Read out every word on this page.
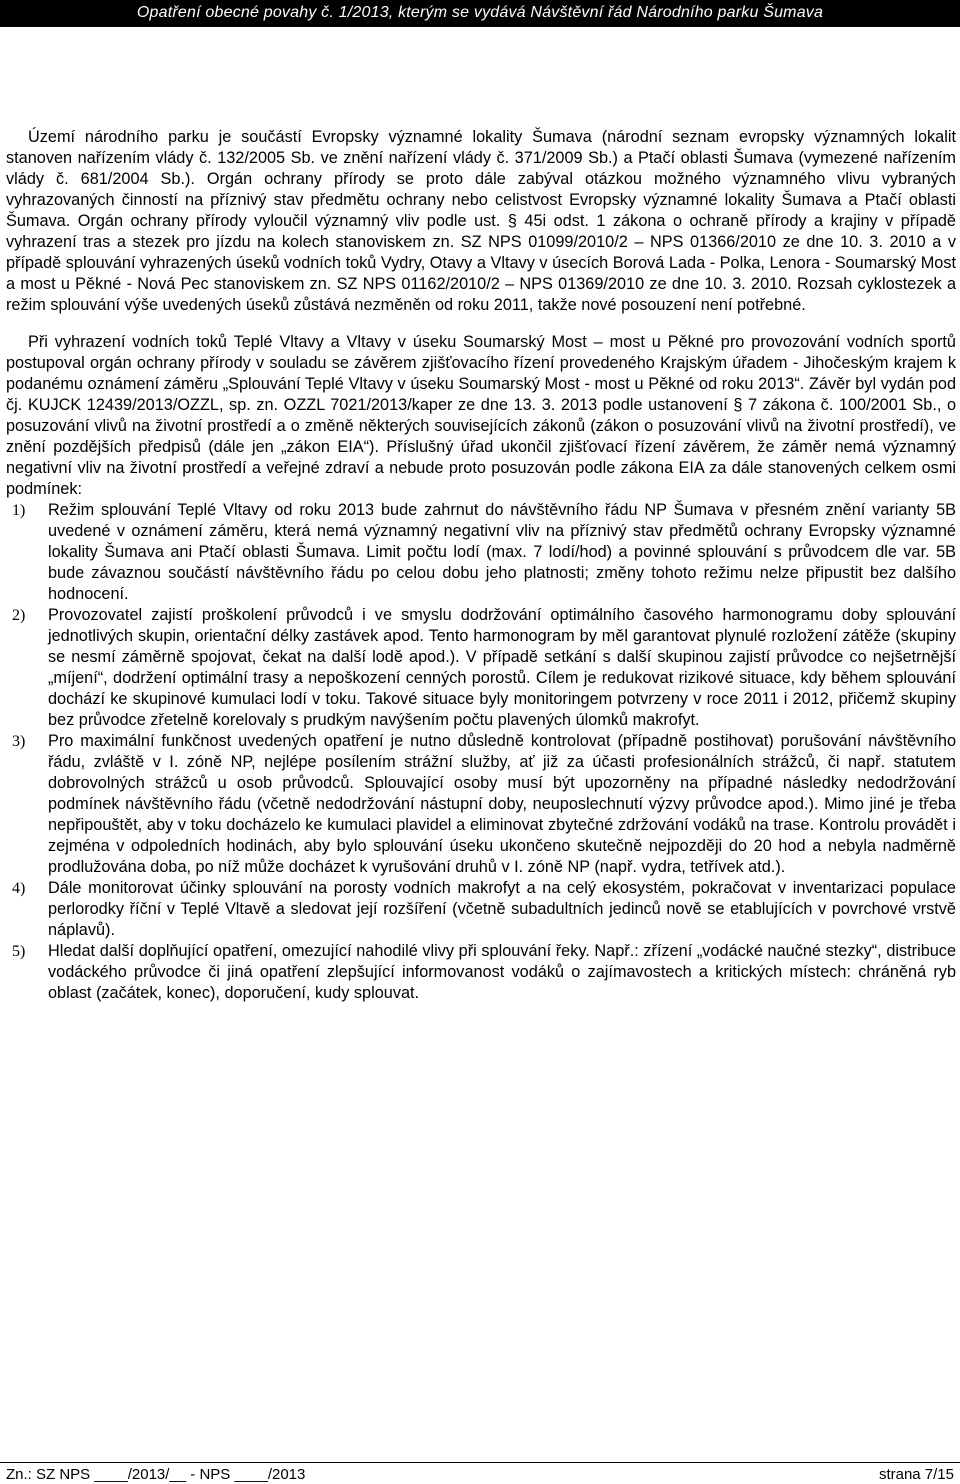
Opatření obecné povahy č. 1/2013, kterým se vydává Návštěvní řád Národního parku Šumava

Území národního parku je součástí Evropsky významné lokality Šumava (národní seznam evropsky významných lokalit stanoven nařízením vlády č. 132/2005 Sb. ve znění nařízení vlády č. 371/2009 Sb.) a Ptačí oblasti Šumava (vymezené nařízením vlády č. 681/2004 Sb.). Orgán ochrany přírody se proto dále zabýval otázkou možného významného vlivu vybraných vyhrazovaných činností na příznivý stav předmětu ochrany nebo celistvost Evropsky významné lokality Šumava a Ptačí oblasti Šumava. Orgán ochrany přírody vyloučil významný vliv podle ust. § 45i odst. 1 zákona o ochraně přírody a krajiny v případě vyhrazení tras a stezek pro jízdu na kolech stanoviskem zn. SZ NPS 01099/2010/2 – NPS 01366/2010 ze dne 10. 3. 2010 a v případě splouvání vyhrazených úseků vodních toků Vydry, Otavy a Vltavy v úsecích Borová Lada - Polka, Lenora - Soumarský Most a most u Pěkné - Nová Pec stanoviskem zn. SZ NPS 01162/2010/2 – NPS 01369/2010 ze dne 10. 3. 2010. Rozsah cyklostezek a režim splouvání výše uvedených úseků zůstává nezměněn od roku 2011, takže nové posouzení není potřebné.

Při vyhrazení vodních toků Teplé Vltavy a Vltavy v úseku Soumarský Most – most u Pěkné pro provozování vodních sportů postupoval orgán ochrany přírody v souladu se závěrem zjišťovacího řízení provedeného Krajským úřadem - Jihočeským krajem k podanému oznámení záměru „Splouvání Teplé Vltavy v úseku Soumarský Most - most u Pěkné od roku 2013“. Závěr byl vydán pod čj. KUJCK 12439/2013/OZZL, sp. zn. OZZL 7021/2013/kaper ze dne 13. 3. 2013 podle ustanovení § 7 zákona č. 100/2001 Sb., o posuzování vlivů na životní prostředí a o změně některých souvisejících zákonů (zákon o posuzování vlivů na životní prostředí), ve znění pozdějších předpisů (dále jen „zákon EIA“). Příslušný úřad ukončil zjišťovací řízení závěrem, že záměr nemá významný negativní vliv na životní prostředí a veřejné zdraví a nebude proto posuzován podle zákona EIA za dále stanovených celkem osmi podmínek:

1) Režim splouvání Teplé Vltavy od roku 2013 bude zahrnut do návštěvního řádu NP Šumava v přesném znění varianty 5B uvedené v oznámení záměru, která nemá významný negativní vliv na příznivý stav předmětů ochrany Evropsky významné lokality Šumava ani Ptačí oblasti Šumava. Limit počtu lodí (max. 7 lodí/hod) a povinné splouvání s průvodcem dle var. 5B bude závaznou součástí návštěvního řádu po celou dobu jeho platnosti; změny tohoto režimu nelze připustit bez dalšího hodnocení.
2) Provozovatel zajistí proškolení průvodců i ve smyslu dodržování optimálního časového harmonogramu doby splouvání jednotlivých skupin, orientační délky zastávek apod. Tento harmonogram by měl garantovat plynulé rozložení zátěže (skupiny se nesmí záměrně spojovat, čekat na další lodě apod.). V případě setkání s další skupinou zajistí průvodce co nejšetrnější „míjení“, dodržení optimální trasy a nepoškození cenných porostů. Cílem je redukovat rizikové situace, kdy během splouvání dochází ke skupinové kumulaci lodí v toku. Takové situace byly monitoringem potvrzeny v roce 2011 i 2012, přičemž skupiny bez průvodce zřetelně korelovaly s prudkým navýšením počtu plavených úlomků makrofyt.
3) Pro maximální funkčnost uvedených opatření je nutno důsledně kontrolovat (případně postihovat) porušování návštěvního řádu, zvláště v I. zóně NP, nejlépe posílením strážní služby, ať již za účasti profesionálních strážců, či např. statutem dobrovolných strážců u osob průvodců. Splouvající osoby musí být upozorněny na případné následky nedodržování podmínek návštěvního řádu (včetně nedodržování nástupní doby, neuposlechnutí výzvy průvodce apod.). Mimo jiné je třeba nepřipouštět, aby v toku docházelo ke kumulaci plavidel a eliminovat zbytečné zdržování vodáků na trase. Kontrolu provádět i zejména v odpoledních hodinách, aby bylo splouvání úseku ukončeno skutečně nejpozději do 20 hod a nebyla nadměrně prodlužována doba, po níž může docházet k vyrušování druhů v I. zóně NP (např. vydra, tetřívek atd.).
4) Dále monitorovat účinky splouvání na porosty vodních makrofyt a na celý ekosystém, pokračovat v inventarizaci populace perlorodky říční v Teplé Vltavě a sledovat její rozšíření (včetně subadultních jedinců nově se etablujících v povrchové vrstvě náplavů).
5) Hledat další doplňující opatření, omezující nahodilé vlivy při splouvání řeky. Např.: zřízení „vodácké naučné stezky“, distribuce vodáckého průvodce či jiná opatření zlepšující informovanost vodáků o zajímavostech a kritických místech: chráněná ryb oblast (začátek, konec), doporučení, kudy splouvat.
Zn.: SZ NPS ____/2013/__ - NPS ____/2013	strana 7/15
